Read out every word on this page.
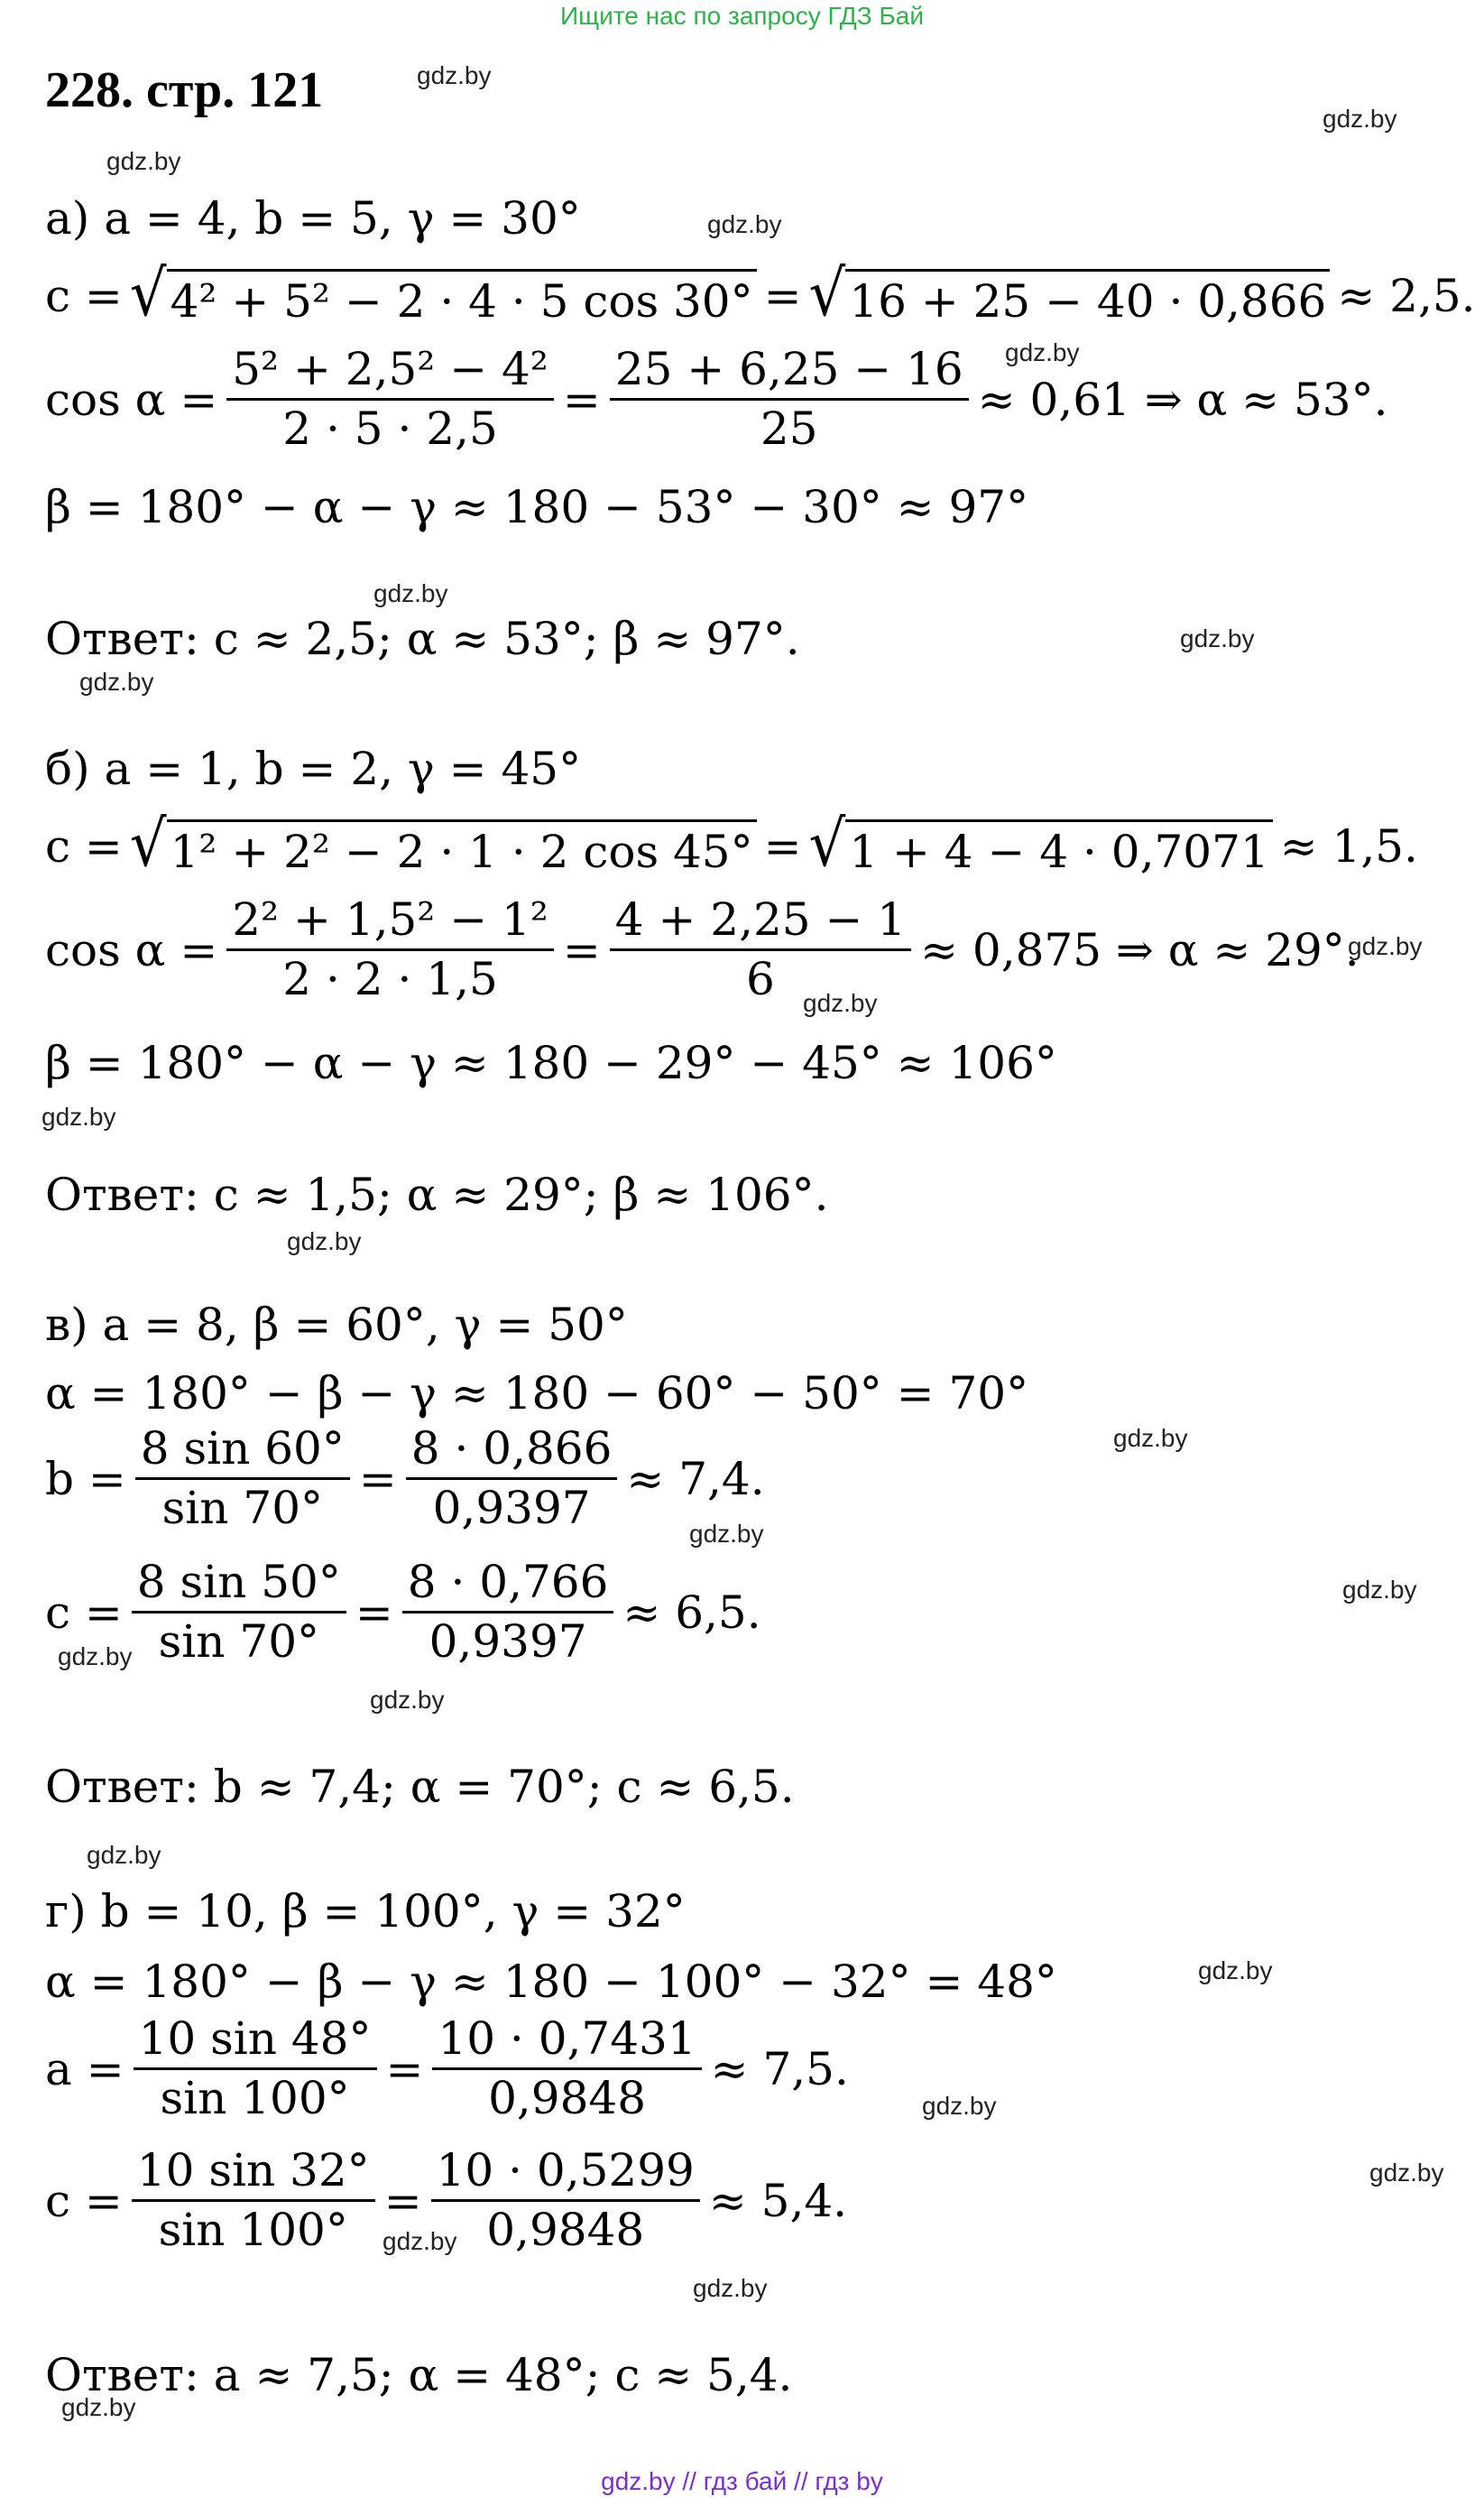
Ищите нас по запросу ГДЗ Бай
228. стр. 121	gdz.by
gdz.by
gdz.by
gdz.by
gdz.by
gdz.by
gdz.by
gdz.by
gdz.by
gdz.by
gdz.by
gdz.by
gdz.by
gdz.by
gdz.by
gdz.by
gdz.by
gdz.by
gdz.by
gdz.by
gdz.by
gdz.by
gdz.by
gdz.by
а) a = 4, b = 5, γ = 30°
c = √ 4² + 5² − 2 · 4 · 5 cos 30° = √ 16 + 25 − 40 · 0,866 ≈ 2,5.
$\cos \alpha = \frac{\text{5² + 2,5² − 4²}}{2 \cdot 5 \cdot 2,5} = \frac{25 + 6,25 - 16}{25} \approx 0,61$ ⇒ α ≈ 53°.
β = 180° − α − γ ≈ 180 − 53° − 30° ≈ 97°
Ответ: c ≈ 2,5; α ≈ 53°; β ≈ 97°.
б) a = 1, b = 2, γ = 45°
c = √ 1² + 2² − 2 · 1 · 2 cos 45° = √ 1 + 4 − 4 · 0,7071 ≈ 1,5.
$\cos \alpha = \frac{\text{2² + 1,5² − 1²}}{2 \cdot 2 \cdot 1,5} = \frac{4 + 2,25 - 1}{6} \approx 0,875$ ⇒ α ≈ 29°.
β = 180° − α − γ ≈ 180 − 29° − 45° ≈ 106°
Ответ: c ≈ 1,5; α ≈ 29°; β ≈ 106°.
в) a = 8, β = 60°, γ = 50°
α = 180° − β − γ ≈ 180 − 60° − 50° = 70°
$b = \frac{8 \sin 60^\circ}{\sin 70^\circ} = \frac{8 \cdot 0,866}{0,9397} \approx 7,4$.
$c = \frac{8 \sin 50^\circ}{\sin 70^\circ} = \frac{8 \cdot 0,766}{0,9397} \approx 6,5$.
Ответ: b ≈ 7,4; α = 70°; c ≈ 6,5.
г) b = 10, β = 100°, γ = 32°
α = 180° − β − γ ≈ 180 − 100° − 32° = 48°
$a = \frac{10 \sin 48^\circ}{\sin 100^\circ} = \frac{10 \cdot 0,7431}{0,9848} \approx 7,5$.
$c = \frac{10 \sin 32^\circ}{\sin 100^\circ} = \frac{10 \cdot 0,5299}{0,9848} \approx 5,4$.
Ответ: a ≈ 7,5; α = 48°; c ≈ 5,4.
gdz.by // гдз бай // гдз by
